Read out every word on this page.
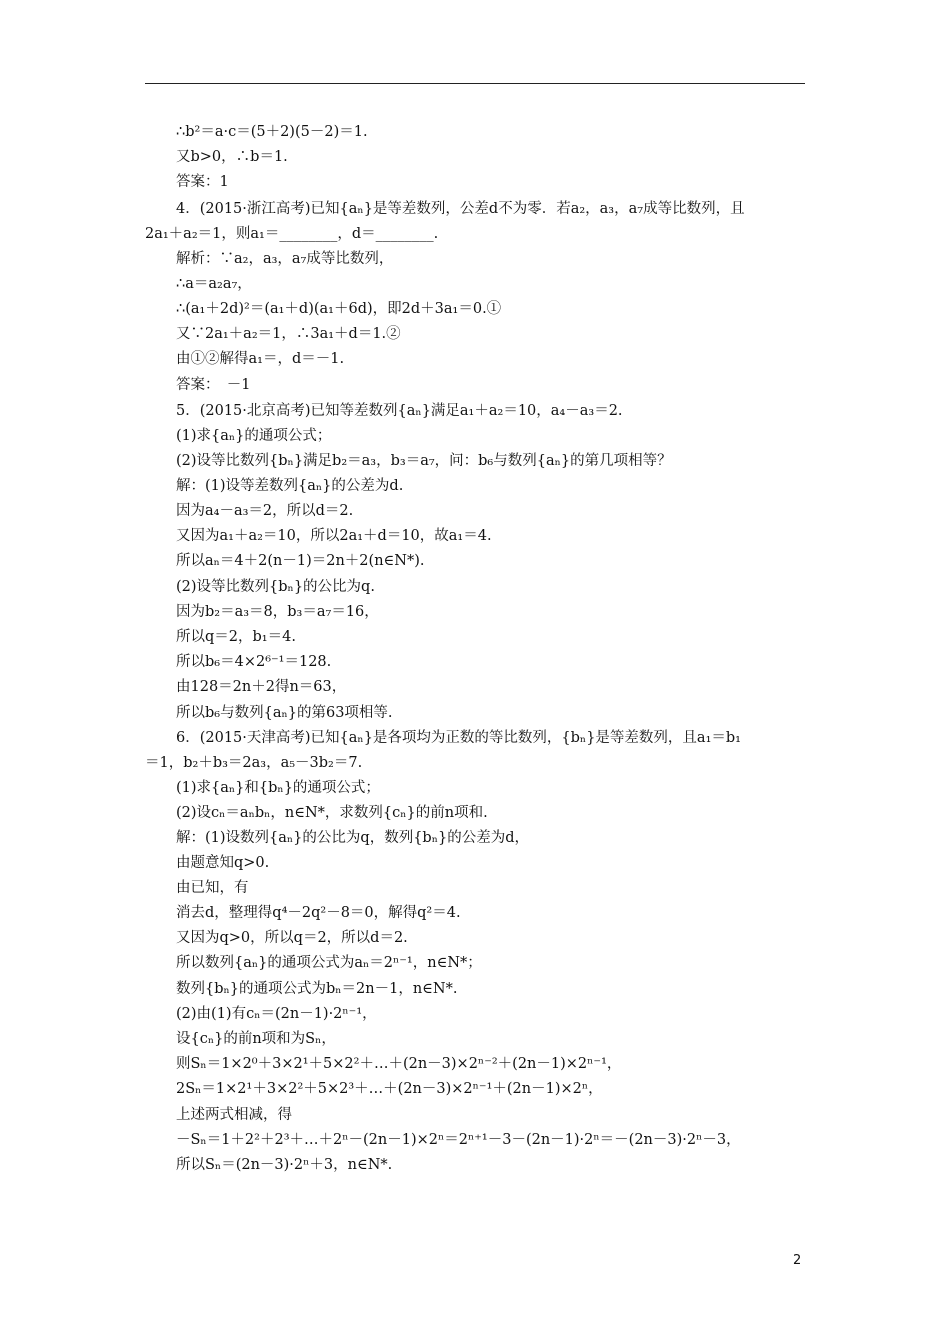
∴b²＝a·c＝(5＋2)(5－2)＝1.
又b>0，∴b＝1.
答案：1
4．(2015·浙江高考)已知{aₙ}是等差数列，公差d不为零．若a₂，a₃，a₇成等比数列，且
2a₁＋a₂＝1，则a₁＝________，d＝________.
解析：∵a₂，a₃，a₇成等比数列，
∴a＝a₂a₇，
∴(a₁＋2d)²＝(a₁＋d)(a₁＋6d)，即2d＋3a₁＝0.①
又∵2a₁＋a₂＝1，∴3a₁＋d＝1.②
由①②解得a₁＝，d＝－1.
答案：　－1
5．(2015·北京高考)已知等差数列{aₙ}满足a₁＋a₂＝10，a₄－a₃＝2.
(1)求{aₙ}的通项公式；
(2)设等比数列{bₙ}满足b₂＝a₃，b₃＝a₇，问：b₆与数列{aₙ}的第几项相等？
解：(1)设等差数列{aₙ}的公差为d.
因为a₄－a₃＝2，所以d＝2.
又因为a₁＋a₂＝10，所以2a₁＋d＝10，故a₁＝4.
所以aₙ＝4＋2(n－1)＝2n＋2(n∈N*).
(2)设等比数列{bₙ}的公比为q.
因为b₂＝a₃＝8，b₃＝a₇＝16，
所以q＝2，b₁＝4.
所以b₆＝4×2⁶⁻¹＝128.
由128＝2n＋2得n＝63，
所以b₆与数列{aₙ}的第63项相等.
6．(2015·天津高考)已知{aₙ}是各项均为正数的等比数列，{bₙ}是等差数列，且a₁＝b₁
＝1，b₂＋b₃＝2a₃，a₅－3b₂＝7.
(1)求{aₙ}和{bₙ}的通项公式；
(2)设cₙ＝aₙbₙ，n∈N*，求数列{cₙ}的前n项和.
解：(1)设数列{aₙ}的公比为q，数列{bₙ}的公差为d，
由题意知q>0.
由已知，有
消去d，整理得q⁴－2q²－8＝0，解得q²＝4.
又因为q>0，所以q＝2，所以d＝2.
所以数列{aₙ}的通项公式为aₙ＝2ⁿ⁻¹，n∈N*；
数列{bₙ}的通项公式为bₙ＝2n－1，n∈N*.
(2)由(1)有cₙ＝(2n－1)·2ⁿ⁻¹，
设{cₙ}的前n项和为Sₙ，
则Sₙ＝1×2⁰＋3×2¹＋5×2²＋…＋(2n－3)×2ⁿ⁻²＋(2n－1)×2ⁿ⁻¹，
2Sₙ＝1×2¹＋3×2²＋5×2³＋…＋(2n－3)×2ⁿ⁻¹＋(2n－1)×2ⁿ，
上述两式相减，得
－Sₙ＝1＋2²＋2³＋…＋2ⁿ－(2n－1)×2ⁿ＝2ⁿ⁺¹－3－(2n－1)·2ⁿ＝－(2n－3)·2ⁿ－3，
所以Sₙ＝(2n－3)·2ⁿ＋3，n∈N*.
2
